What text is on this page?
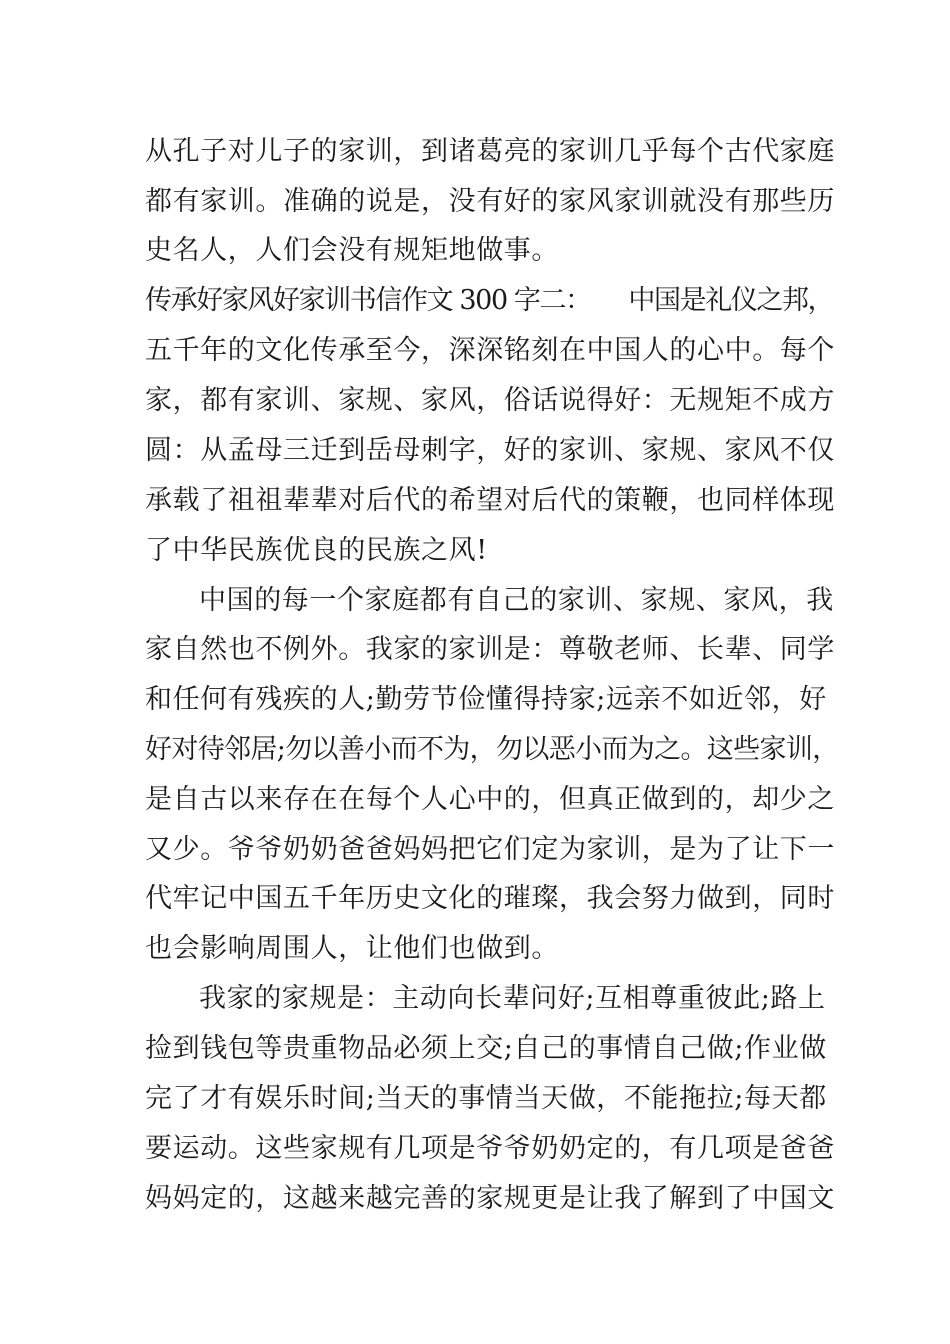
从孔子对儿子的家训，到诸葛亮的家训几乎每个古代家庭

都有家训。准确的说是，没有好的家风家训就没有那些历

史名人，人们会没有规矩地做事。

传承好家风好家训书信作文 300 字二：　　中国是礼仪之邦，

五千年的文化传承至今，深深铭刻在中国人的心中。每个

家，都有家训、家规、家风，俗话说得好：无规矩不成方

圆：从孟母三迁到岳母刺字，好的家训、家规、家风不仅

承载了祖祖辈辈对后代的希望对后代的策鞭，也同样体现

了中华民族优良的民族之风!

中国的每一个家庭都有自己的家训、家规、家风，我

家自然也不例外。我家的家训是：尊敬老师、长辈、同学

和任何有残疾的人;勤劳节俭懂得持家;远亲不如近邻，好

好对待邻居;勿以善小而不为，勿以恶小而为之。这些家训，

是自古以来存在在每个人心中的，但真正做到的，却少之

又少。爷爷奶奶爸爸妈妈把它们定为家训，是为了让下一

代牢记中国五千年历史文化的璀璨，我会努力做到，同时

也会影响周围人，让他们也做到。

我家的家规是：主动向长辈问好;互相尊重彼此;路上

捡到钱包等贵重物品必须上交;自己的事情自己做;作业做

完了才有娱乐时间;当天的事情当天做，不能拖拉;每天都

要运动。这些家规有几项是爷爷奶奶定的，有几项是爸爸

妈妈定的，这越来越完善的家规更是让我了解到了中国文
